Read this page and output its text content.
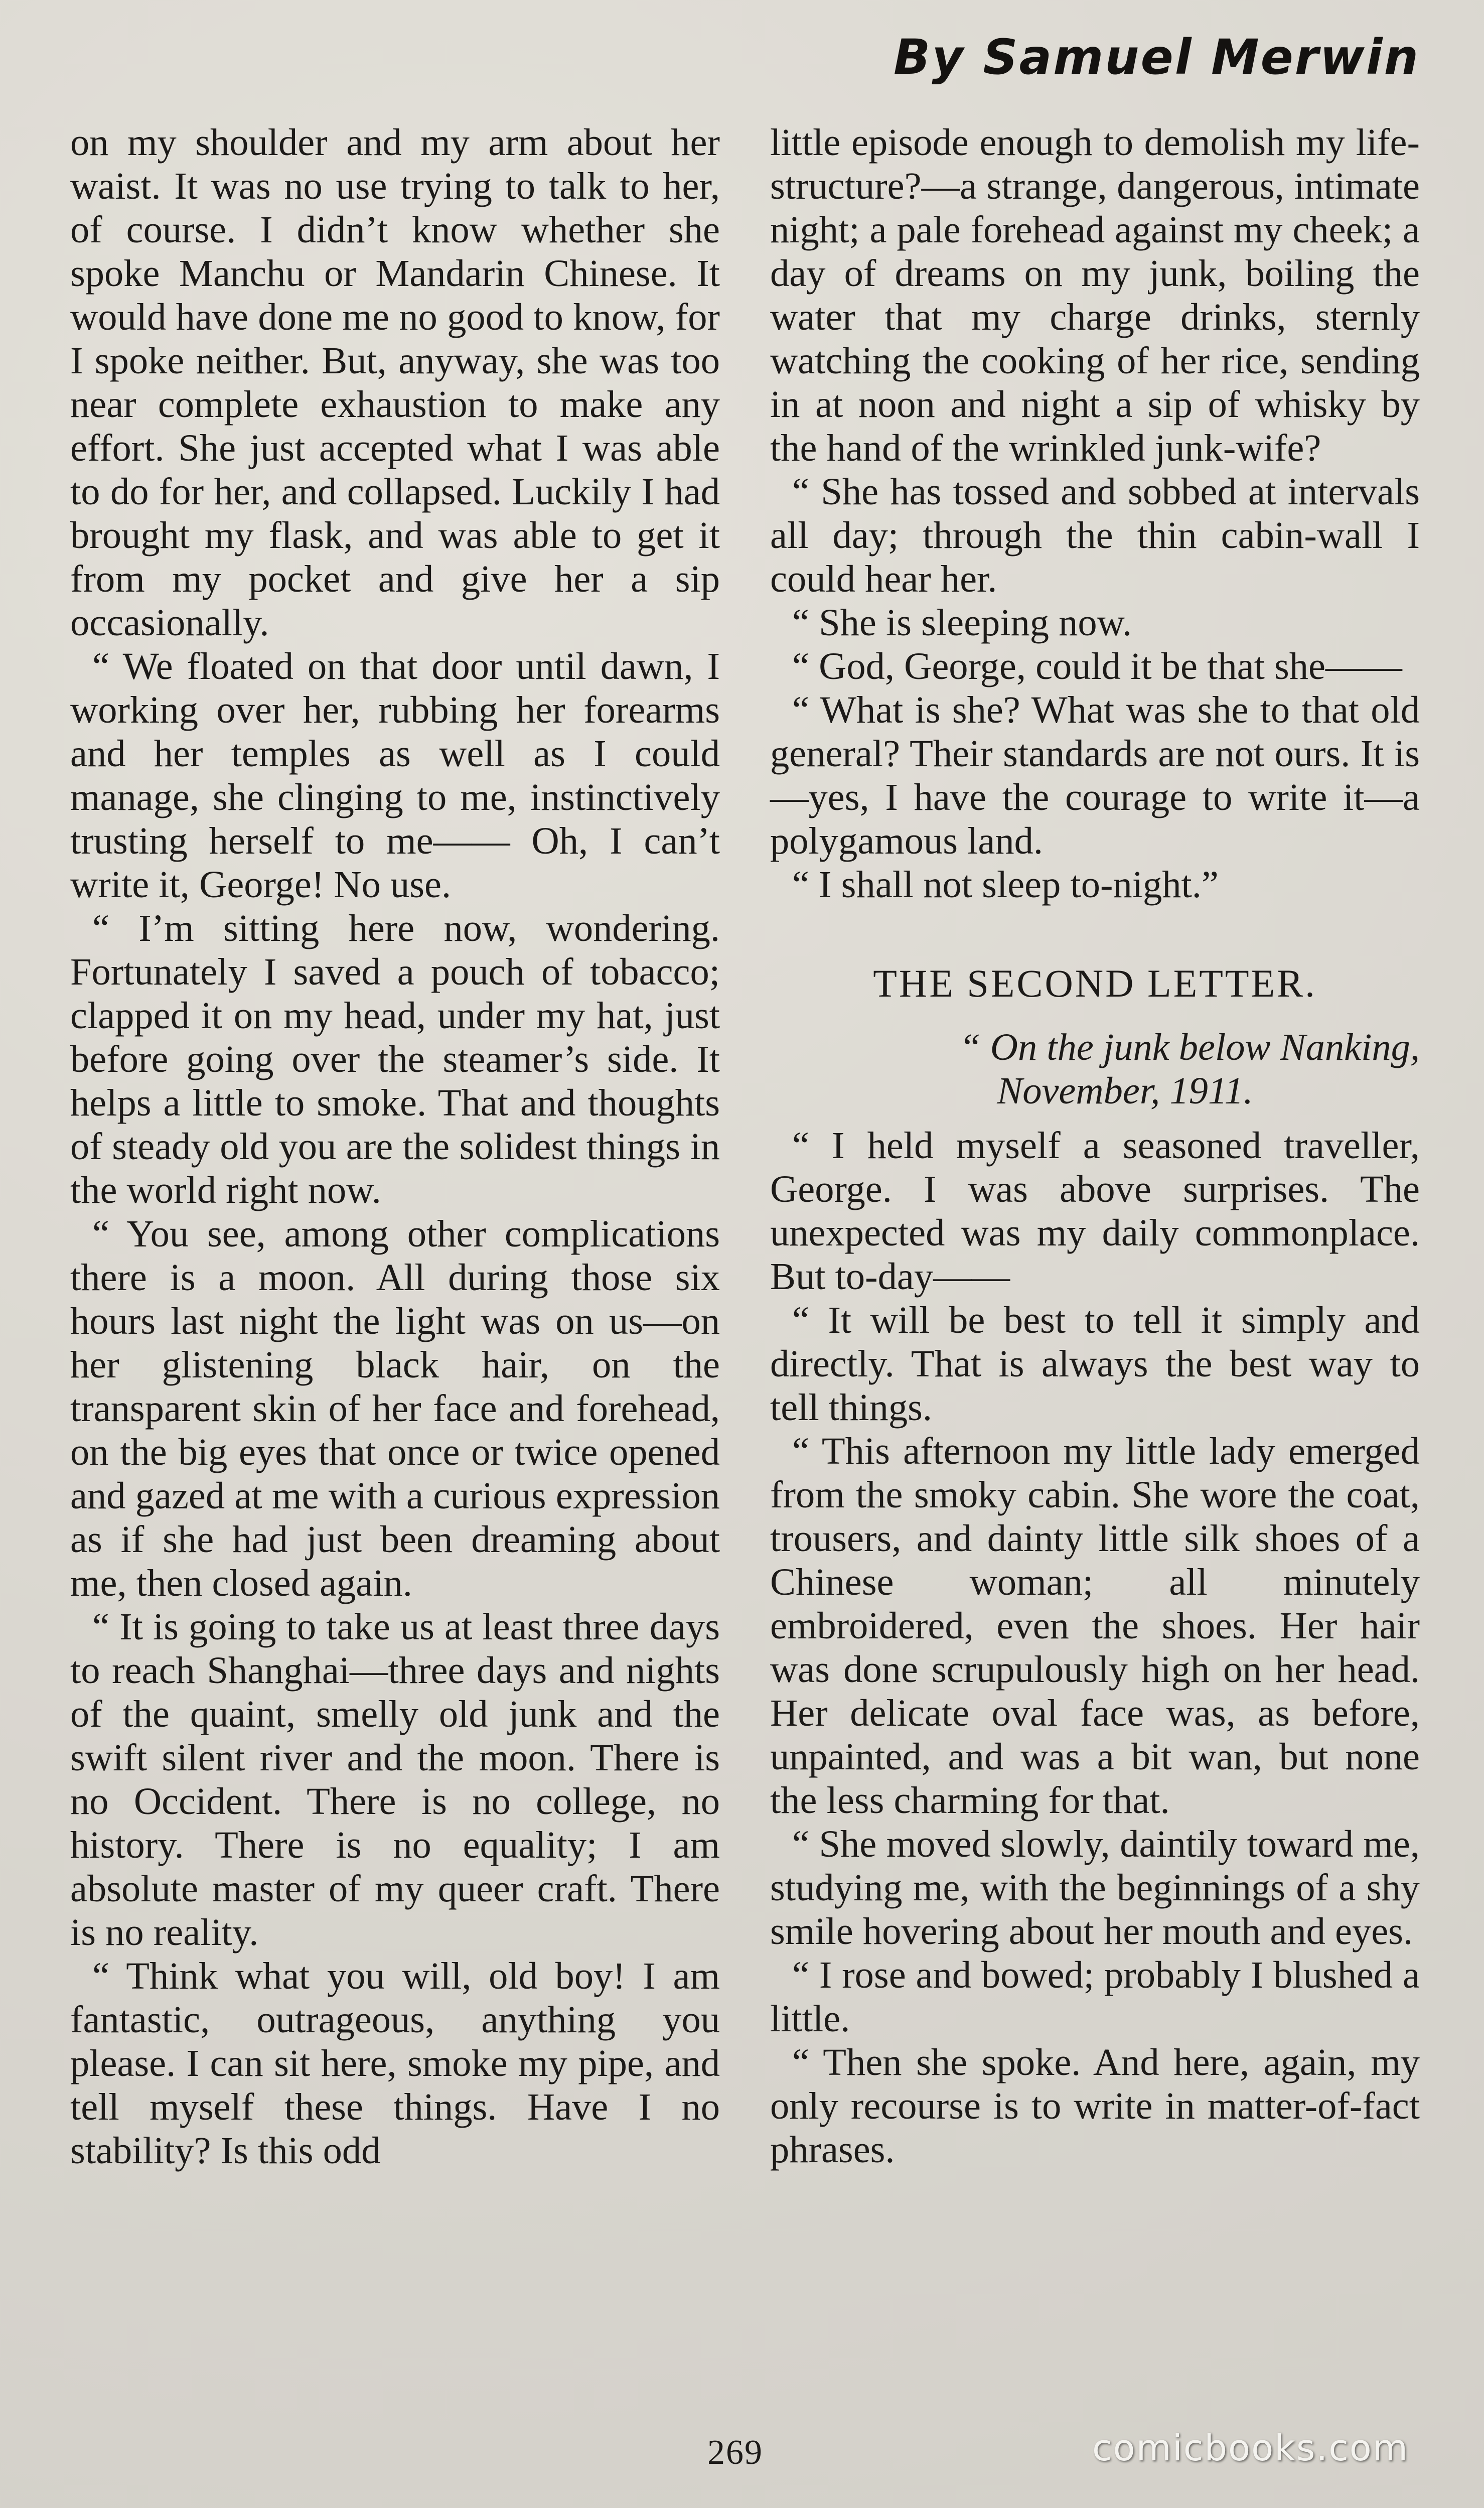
By Samuel Merwin

on my shoulder and my arm about her waist. It was no use trying to talk to her, of course. I didn’t know whether she spoke Manchu or Mandarin Chinese. It would have done me no good to know, for I spoke neither. But, anyway, she was too near complete exhaustion to make any effort. She just accepted what I was able to do for her, and collapsed. Luckily I had brought my flask, and was able to get it from my pocket and give her a sip occasionally.

“ We floated on that door until dawn, I working over her, rubbing her forearms and her temples as well as I could manage, she clinging to me, instinctively trusting herself to me—— Oh, I can’t write it, George! No use.

“ I’m sitting here now, wondering. Fortunately I saved a pouch of tobacco; clapped it on my head, under my hat, just before going over the steamer’s side. It helps a little to smoke. That and thoughts of steady old you are the solidest things in the world right now.

“ You see, among other complications there is a moon. All during those six hours last night the light was on us—on her glistening black hair, on the transparent skin of her face and forehead, on the big eyes that once or twice opened and gazed at me with a curious expression as if she had just been dreaming about me, then closed again.

“ It is going to take us at least three days to reach Shanghai—three days and nights of the quaint, smelly old junk and the swift silent river and the moon. There is no Occident. There is no college, no history. There is no equality; I am absolute master of my queer craft. There is no reality.

“ Think what you will, old boy! I am fantastic, outrageous, anything you please. I can sit here, smoke my pipe, and tell myself these things. Have I no stability? Is this odd

little episode enough to demolish my life-structure?—a strange, dangerous, intimate night; a pale forehead against my cheek; a day of dreams on my junk, boiling the water that my charge drinks, sternly watching the cooking of her rice, sending in at noon and night a sip of whisky by the hand of the wrinkled junk-wife?

“ She has tossed and sobbed at intervals all day; through the thin cabin-wall I could hear her.

“ She is sleeping now.

“ God, George, could it be that she——

“ What is she? What was she to that old general? Their standards are not ours. It is—yes, I have the courage to write it—a polygamous land.

“ I shall not sleep to-night.”

THE SECOND LETTER.
“ On the junk below Nanking,
November, 1911.

“ I held myself a seasoned traveller, George. I was above surprises. The unexpected was my daily commonplace. But to-day——

“ It will be best to tell it simply and directly. That is always the best way to tell things.

“ This afternoon my little lady emerged from the smoky cabin. She wore the coat, trousers, and dainty little silk shoes of a Chinese woman; all minutely embroidered, even the shoes. Her hair was done scrupulously high on her head. Her delicate oval face was, as before, unpainted, and was a bit wan, but none the less charming for that.

“ She moved slowly, daintily toward me, studying me, with the beginnings of a shy smile hovering about her mouth and eyes.

“ I rose and bowed; probably I blushed a little.

“ Then she spoke. And here, again, my only recourse is to write in matter-of-fact phrases.

269	comicbooks.com
